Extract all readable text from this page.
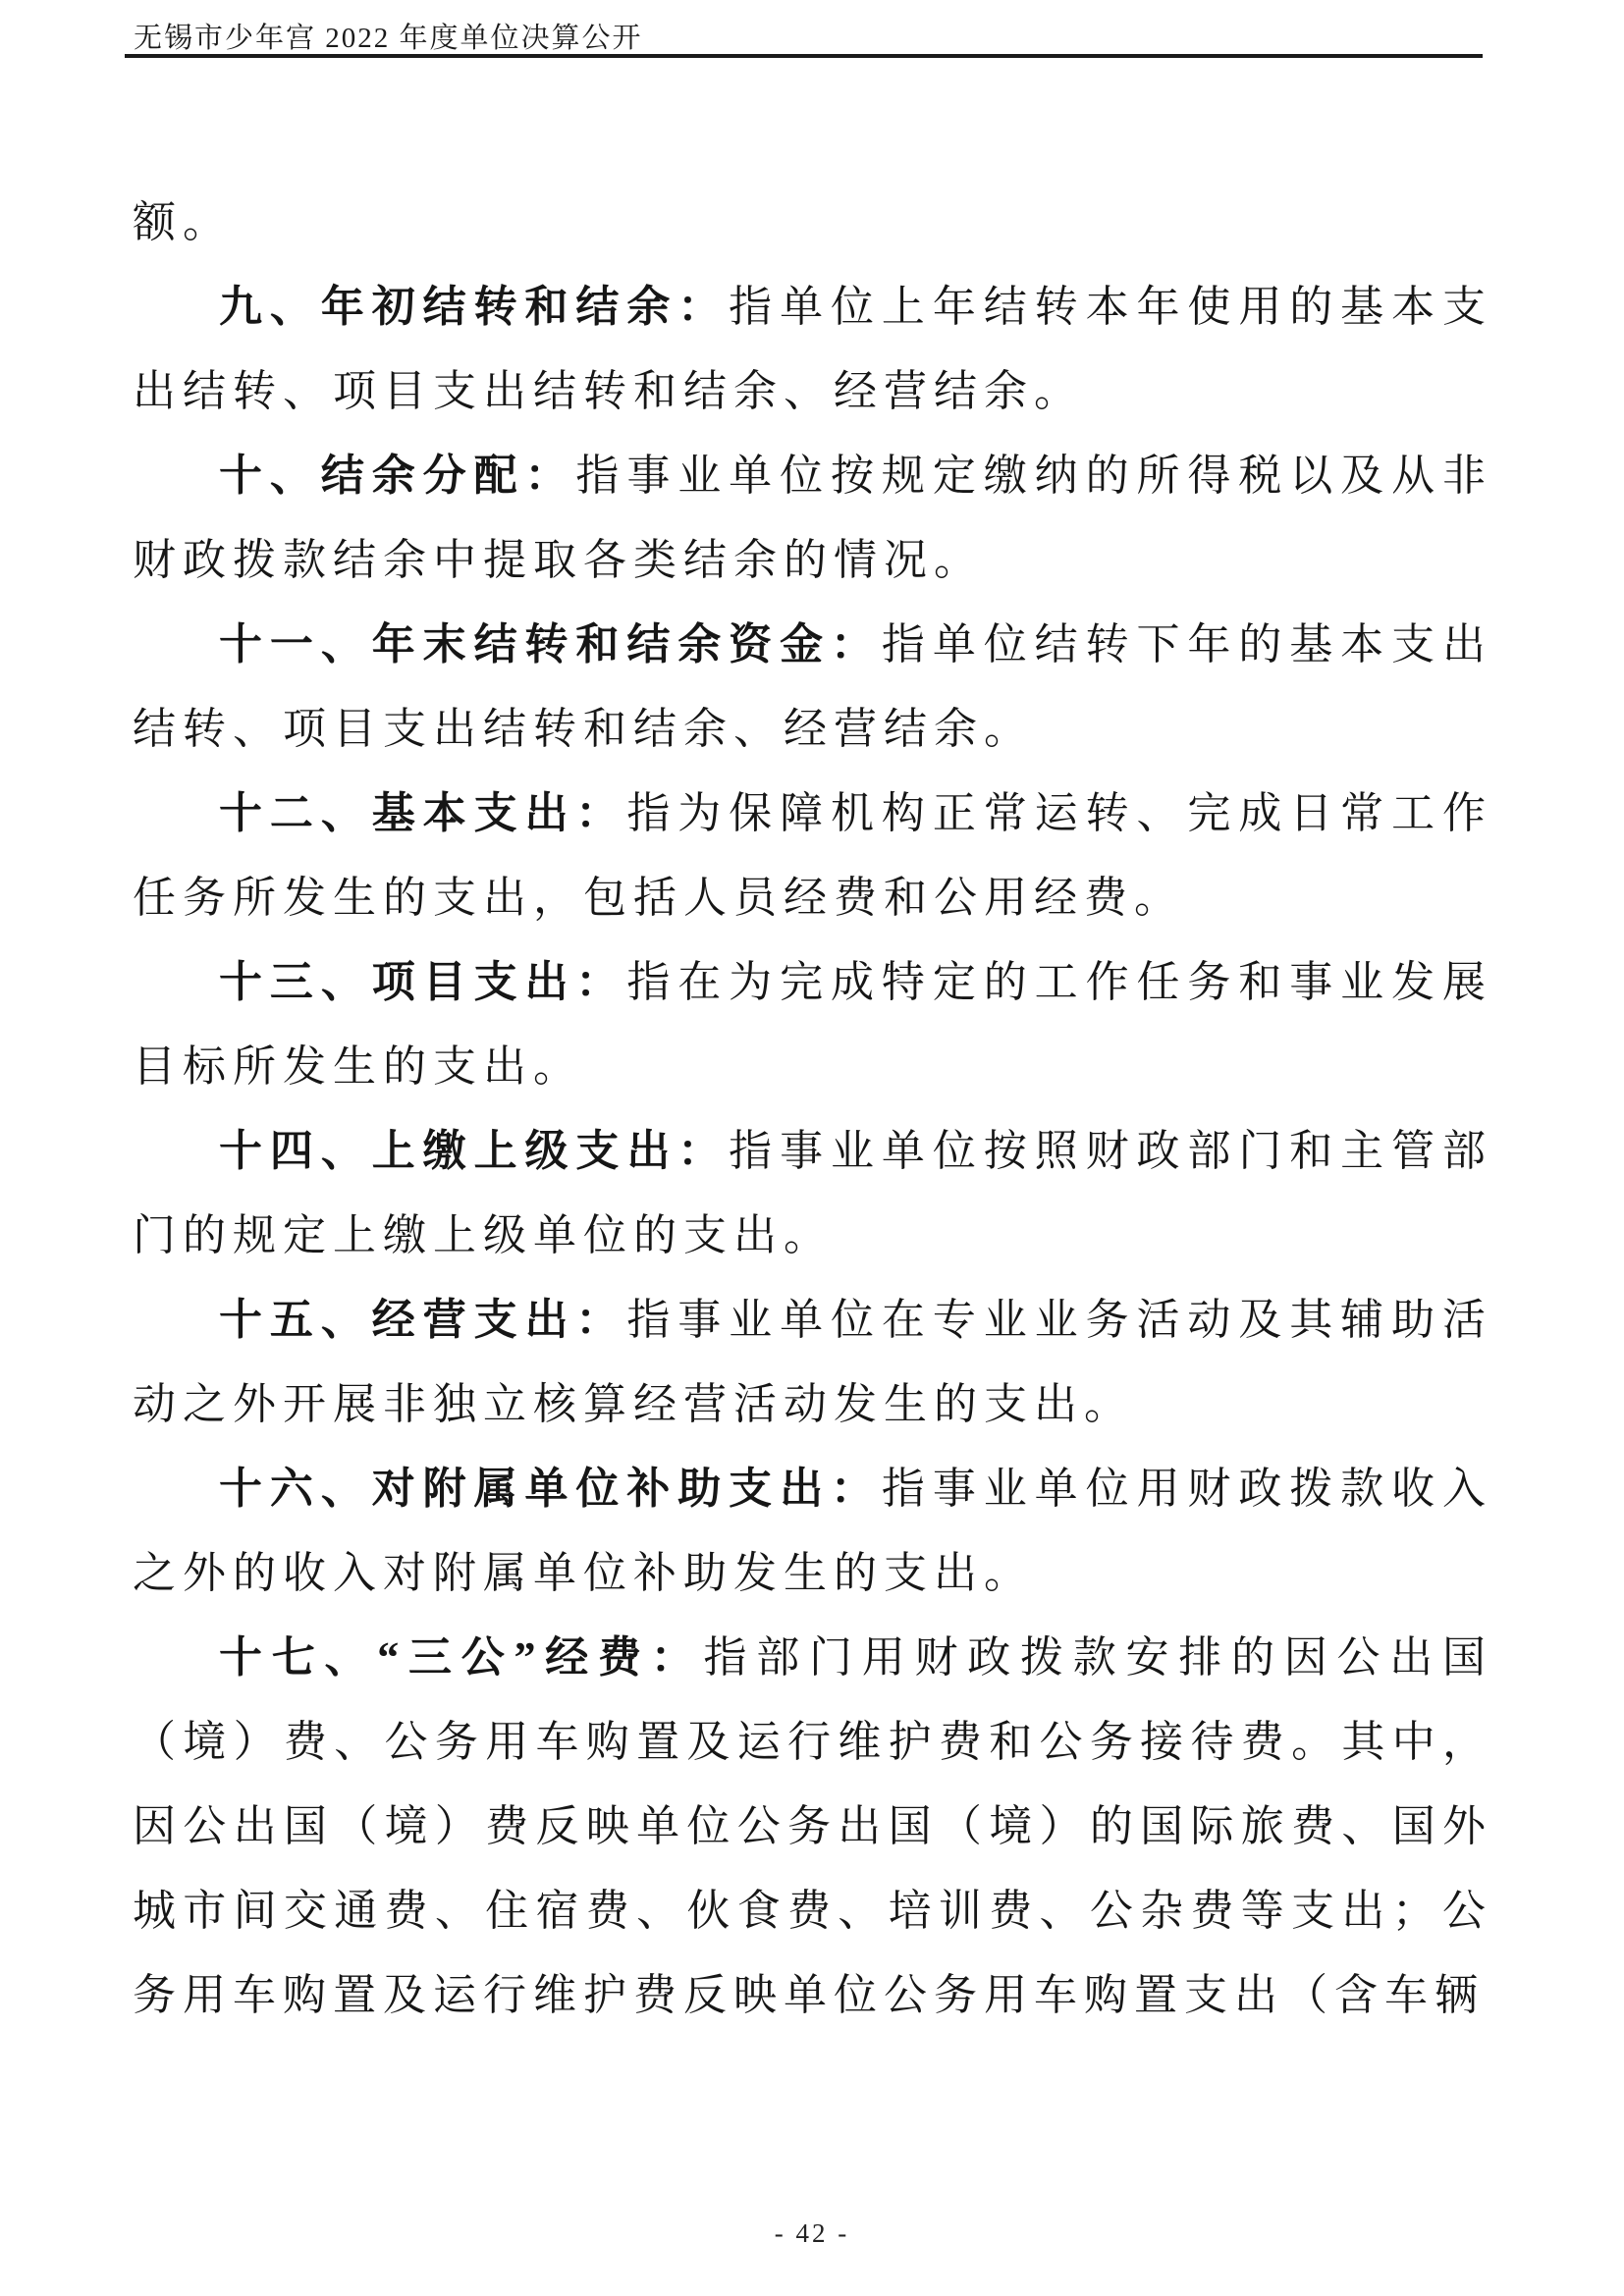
无锡市少年宫 2022 年度单位决算公开

额。

九、年初结转和结余：指单位上年结转本年使用的基本支出结转、项目支出结转和结余、经营结余。

十、结余分配：指事业单位按规定缴纳的所得税以及从非财政拨款结余中提取各类结余的情况。

十一、年末结转和结余资金：指单位结转下年的基本支出结转、项目支出结转和结余、经营结余。

十二、基本支出：指为保障机构正常运转、完成日常工作任务所发生的支出，包括人员经费和公用经费。

十三、项目支出：指在为完成特定的工作任务和事业发展目标所发生的支出。

十四、上缴上级支出：指事业单位按照财政部门和主管部门的规定上缴上级单位的支出。

十五、经营支出：指事业单位在专业业务活动及其辅助活动之外开展非独立核算经营活动发生的支出。

十六、对附属单位补助支出：指事业单位用财政拨款收入之外的收入对附属单位补助发生的支出。

十七、“三公”经费：指部门用财政拨款安排的因公出国（境）费、公务用车购置及运行维护费和公务接待费。其中，因公出国（境）费反映单位公务出国（境）的国际旅费、国外城市间交通费、住宿费、伙食费、培训费、公杂费等支出；公务用车购置及运行维护费反映单位公务用车购置支出（含车辆

- 42 -
